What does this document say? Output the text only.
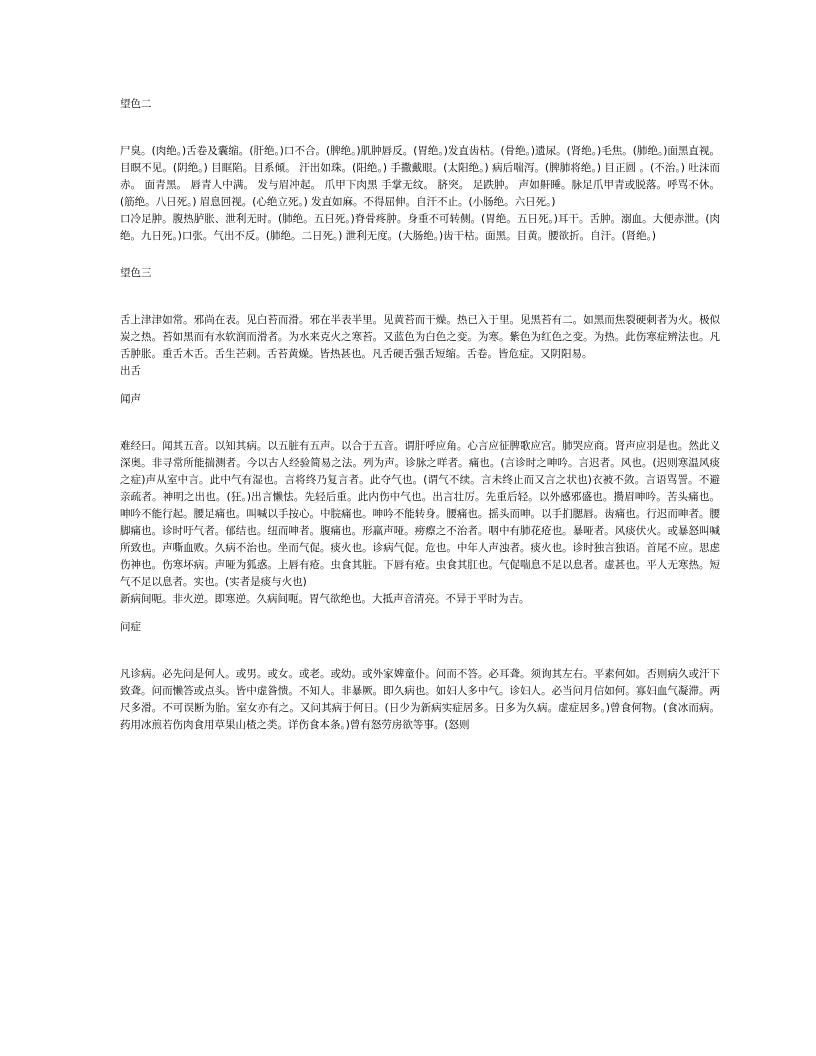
望色二

尸臭。(肉绝。)舌卷及囊缩。(肝绝。)口不合。(脾绝。)肌肿唇反。(胃绝。)发直齿枯。(骨绝。)遗尿。(肾绝。)毛焦。(肺绝。)面黑直视。 目瞑不见。(阴绝。) 目眶陷。目系倾。 汗出如珠。(阳绝。) 手撒戴眼。(太阳绝。) 病后喘泻。(脾肺将绝。) 目正圆 。(不治。) 吐沫而赤。 面青黑。 唇青人中满。 发与眉冲起。 爪甲下肉黑 手掌无纹。 脐突。 足跌肿。 声如鼾睡。脉足爪甲青或脱落。呼骂不休。(筋绝。八日死。) 眉息回视。(心绝立死。) 发直如麻。不得屈伸。自汗不止。(小肠绝。六日死。)

口冷足肿。腹热胪胀、泄利无时。(肺绝。五日死。)脊骨疼肿。身重不可转侧。(胃绝。五日死。)耳干。舌肿。溺血。大便赤泄。(肉绝。九日死。)口张。气出不反。(肺绝。二日死。) 泄利无度。(大肠绝。)齿干枯。面黑。目黄。腰欲折。自汗。(肾绝。)

望色三

舌上津津如常。邪尚在表。见白苔而滑。邪在半表半里。见黄苔而干燥。热已入于里。见黑苔有二。如黑而焦裂硬刺者为火。极似炭之热。苔如黑而有水软润而滑者。为水来克火之寒苔。又蓝色为白色之变。为寒。紫色为红色之变。为热。此伤寒症辨法也。凡舌肿胀。重舌木舌。舌生芒刺。舌苔黄燥。皆热甚也。凡舌硬舌强舌短缩。舌卷。皆危症。又阴阳易。

出舌

闻声

难经曰。闻其五音。以知其病。以五脏有五声。以合于五音。谓肝呼应角。心言应征脾歌应宫。肺哭应商。肾声应羽是也。然此义深奥。非寻常所能揣测者。今以古人经验简易之法。列为声。诊脉之咩者。痛也。(言诊时之呻吟。言迟者。风也。(迟则寒温风痰之症)声从室中言。此中气有湿也。言将终乃复言者。此夺气也。(谓气不续。言未终止而又言之状也)衣被不敛。言语骂詈。不避亲疏者。神明之出也。(狂。)出言懒怯。先轻后重。此内伤中气也。出言壮厉。先重后轻。以外感邪盛也。攒眉呻吟。苦头痛也。呻吟不能行起。腰足痛也。叫喊以手按心。中脘痛也。呻吟不能转身。腰痛也。摇头而呻。以手扪腮唇。齿痛也。行迟而呻者。腰脚痛也。诊时吁气者。郁结也。纽而呻者。腹痛也。形羸声哑。痨瘵之不治者。咽中有肺花疮也。暴哑者。风痰伏火。或暴怒叫喊所致也。声嘶血败。久病不治也。坐而气促。痰火也。诊病气促。危也。中年人声浊者。痰火也。诊时独言独语。首尾不应。思虑伤神也。伤寒坏病。声哑为狐惑。上唇有疮。虫食其脏。下唇有疮。虫食其肛也。气促喘息不足以息者。虚甚也。平人无寒热。短气不足以息者。实也。(实者是痰与火也)

新病间呃。非火逆。即寒逆。久病间呃。胃气欲绝也。大抵声音清亮。不异于平时为吉。

问症

凡诊病。必先问是何人。或男。或女。或老。或幼。或外家婢童仆。问而不答。必耳聋。须询其左右。平素何如。否则病久或汗下致聋。问而懒答或点头。皆中虚昝愦。不知人。非暴厥。即久病也。如妇人多中气。诊妇人。必当问月信如何。寡妇血气凝滞。两尺多滑。不可误断为胎。室女亦有之。又问其病于何日。(日少为新病实症居多。日多为久病。虚症居多。)曾食何物。(食冰而病。药用冰煎若伤肉食用草果山楂之类。详伤食本条。)曾有怒劳房欲等事。(怒则
